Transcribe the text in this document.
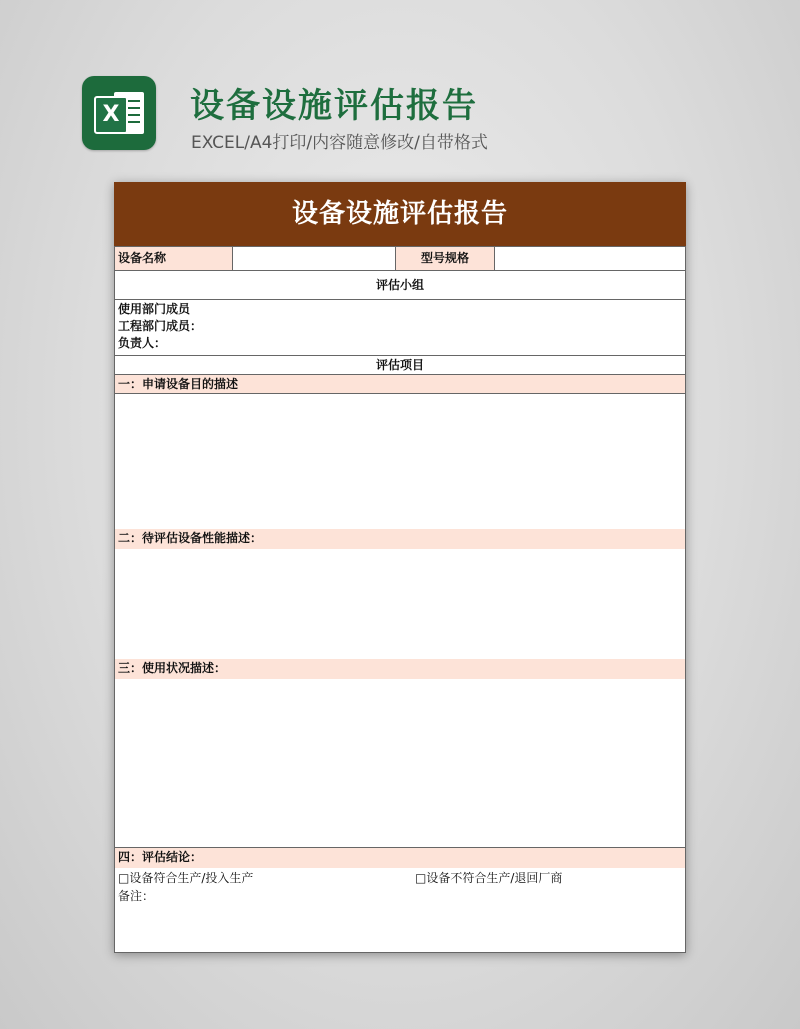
X 设备设施评估报告
EXCEL/A4打印/内容随意修改/自带格式
设备设施评估报告
设备名称	型号规格
评估小组
使用部门成员
工程部门成员：
负责人：
评估项目
一：申请设备目的描述
二：待评估设备性能描述：
三：使用状况描述：
四：评估结论：
□设备符合生产/投入生产	□设备不符合生产/退回厂商
备注：
